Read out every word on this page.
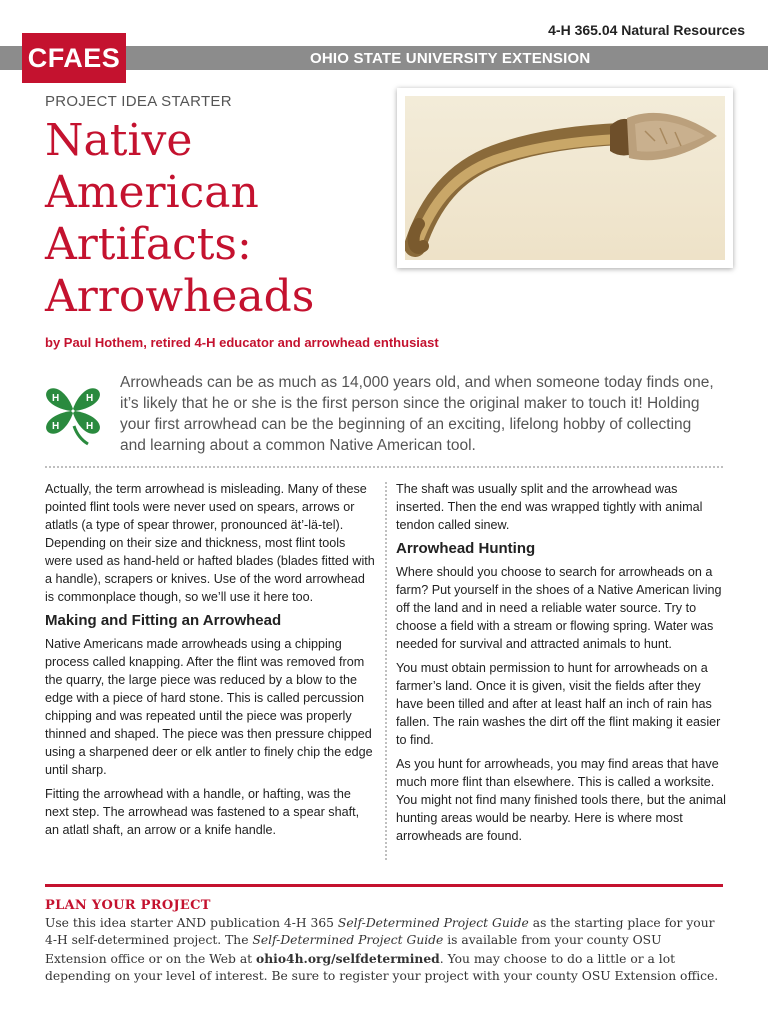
4-H 365.04 Natural Resources
OHIO STATE UNIVERSITY EXTENSION
CFAES
PROJECT IDEA STARTER
Native
American
Artifacts:
Arrowheads
by Paul Hothem, retired 4-H educator and arrowhead enthusiast
H	H
H	H

Arrowheads can be as much as 14,000 years old, and when someone today finds one, it’s likely that he or she is the first person since the original maker to touch it! Holding your first arrowhead can be the beginning of an exciting, lifelong hobby of collecting and learning about a common Native American tool.

Actually, the term arrowhead is misleading. Many of these pointed flint tools were never used on spears, arrows or atlatls (a type of spear thrower, pronounced ät’-lä-tel). Depending on their size and thickness, most flint tools were used as hand-held or hafted blades (blades fitted with a handle), scrapers or knives. Use of the word arrowhead is commonplace though, so we’ll use it here too.

Making and Fitting an Arrowhead

Native Americans made arrowheads using a chipping process called knapping. After the flint was removed from the quarry, the large piece was reduced by a blow to the edge with a piece of hard stone. This is called percussion chipping and was repeated until the piece was properly thinned and shaped. The piece was then pressure chipped using a sharpened deer or elk antler to finely chip the edge until sharp.

Fitting the arrowhead with a handle, or hafting, was the next step. The arrowhead was fastened to a spear shaft, an atlatl shaft, an arrow or a knife handle.

The shaft was usually split and the arrowhead was inserted. Then the end was wrapped tightly with animal tendon called sinew.

Arrowhead Hunting

Where should you choose to search for arrowheads on a farm? Put yourself in the shoes of a Native American living off the land and in need a reliable water source. Try to choose a field with a stream or flowing spring. Water was needed for survival and attracted animals to hunt.

You must obtain permission to hunt for arrowheads on a farmer’s land. Once it is given, visit the fields after they have been tilled and after at least half an inch of rain has fallen. The rain washes the dirt off the flint making it easier to find.

As you hunt for arrowheads, you may find areas that have much more flint than elsewhere. This is called a worksite. You might not find many finished tools there, but the animal hunting areas would be nearby. Here is where most arrowheads are found.

PLAN YOUR PROJECT

Use this idea starter AND publication 4-H 365 Self-Determined Project Guide as the starting place for your 4-H self-determined project. The Self-Determined Project Guide is available from your county OSU Extension office or on the Web at ohio4h.org/selfdetermined. You may choose to do a little or a lot depending on your level of interest. Be sure to register your project with your county OSU Extension office.
